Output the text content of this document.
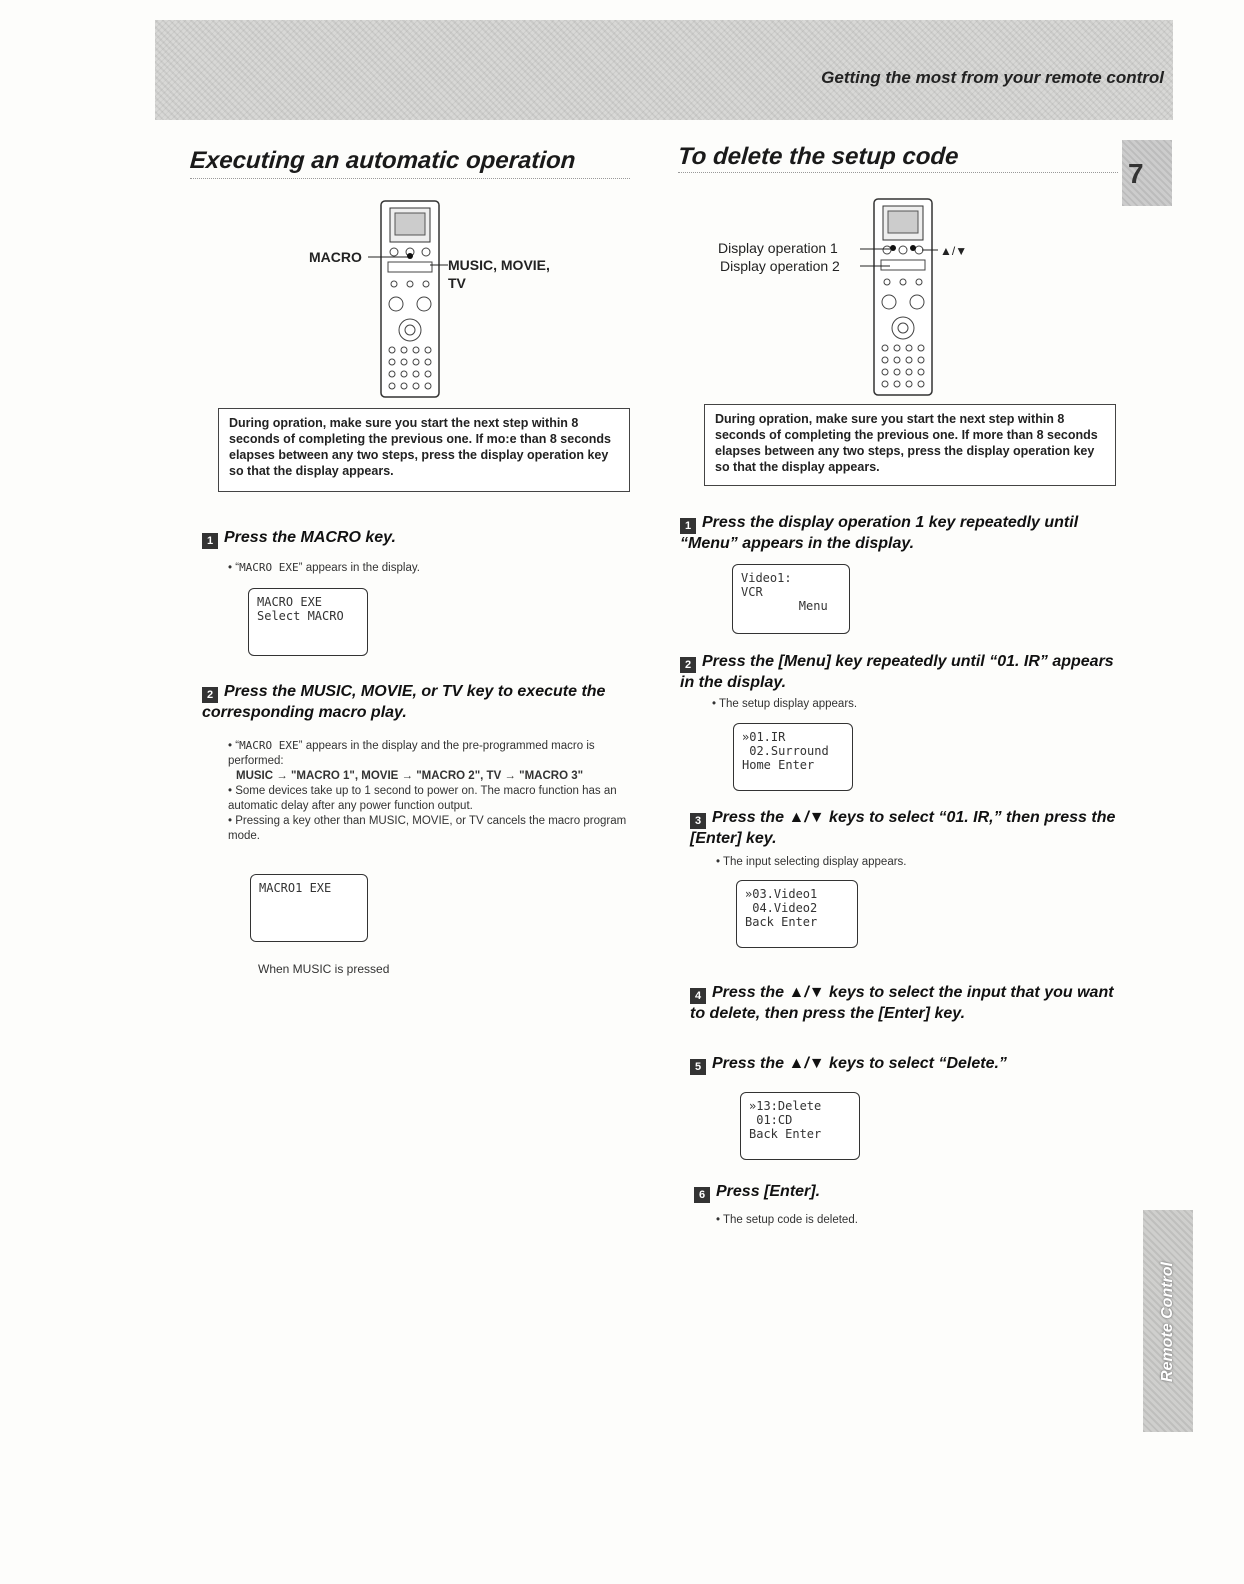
Getting the most from your remote control
7
Remote Control
Executing an automatic operation
MACRO	MUSIC, MOVIE,
TV
During opration, make sure you start the next step within 8 seconds of completing the previous one. If mo:e than 8 seconds elapses between any two steps, press the display operation key so that the display appears.
1 Press the MACRO key.
• “MACRO EXE” appears in the display.
MACRO EXE
Select MACRO
2 Press the MUSIC, MOVIE, or TV key to execute the corresponding macro play.
• “MACRO EXE” appears in the display and the pre-programmed macro is performed:
MUSIC → "MACRO 1", MOVIE → "MACRO 2", TV → "MACRO 3"
• Some devices take up to 1 second to power on. The macro function has an automatic delay after any power function output.
• Pressing a key other than MUSIC, MOVIE, or TV cancels the macro program mode.
MACRO1 EXE
When MUSIC is pressed
To delete the setup code
Display operation 1
Display operation 2
▲/▼
During opration, make sure you start the next step within 8 seconds of completing the previous one. If more than 8 seconds elapses between any two steps, press the display operation key so that the display appears.
1 Press the display operation 1 key repeatedly until “Menu” appears in the display.
Video1:
VCR
Menu
2 Press the [Menu] key repeatedly until “01. IR” appears in the display.
• The setup display appears.
»01.IR
02.Surround
Home Enter
3 Press the ▲/▼ keys to select “01. IR,” then press the [Enter] key.
• The input selecting display appears.
»03.Video1
04.Video2
Back Enter
4 Press the ▲/▼ keys to select the input that you want to delete, then press the [Enter] key.
5 Press the ▲/▼ keys to select “Delete.”
»13:Delete
01:CD
Back Enter
6 Press [Enter].
• The setup code is deleted.
